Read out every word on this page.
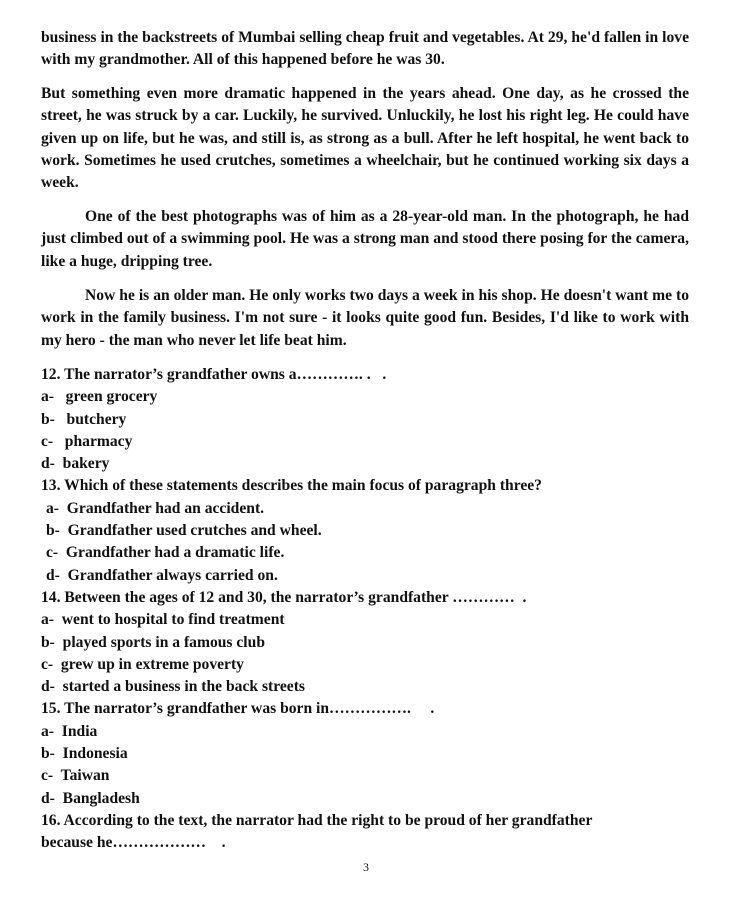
business in the backstreets of Mumbai selling cheap fruit and vegetables. At 29, he'd fallen in love with my grandmother. All of this happened before he was 30.

But something even more dramatic happened in the years ahead. One day, as he crossed the street, he was struck by a car. Luckily, he survived. Unluckily, he lost his right leg. He could have given up on life, but he was, and still is, as strong as a bull. After he left hospital, he went back to work. Sometimes he used crutches, sometimes a wheelchair, but he continued working six days a week.

One of the best photographs was of him as a 28-year-old man. In the photograph, he had just climbed out of a swimming pool. He was a strong man and stood there posing for the camera, like a huge, dripping tree.

Now he is an older man. He only works two days a week in his shop. He doesn't want me to work in the family business. I'm not sure - it looks quite good fun. Besides, I'd like to work with my hero - the man who never let life beat him.

12. The narrator’s grandfather owns a…………. .   .
a-   green grocery
b-   butchery
c-   pharmacy
d-  bakery
13. Which of these statements describes the main focus of paragraph three?
a-  Grandfather had an accident.
b-  Grandfather used crutches and wheel.
c-  Grandfather had a dramatic life.
d-  Grandfather always carried on.
14. Between the ages of 12 and 30, the narrator’s grandfather …………  .
a-  went to hospital to find treatment
b-  played sports in a famous club
c-  grew up in extreme poverty
d-  started a business in the back streets
15. The narrator’s grandfather was born in…………….     .
a-  India
b-  Indonesia
c-  Taiwan
d-  Bangladesh
16. According to the text, the narrator had the right to be proud of her grandfather
because he………………    .
3
